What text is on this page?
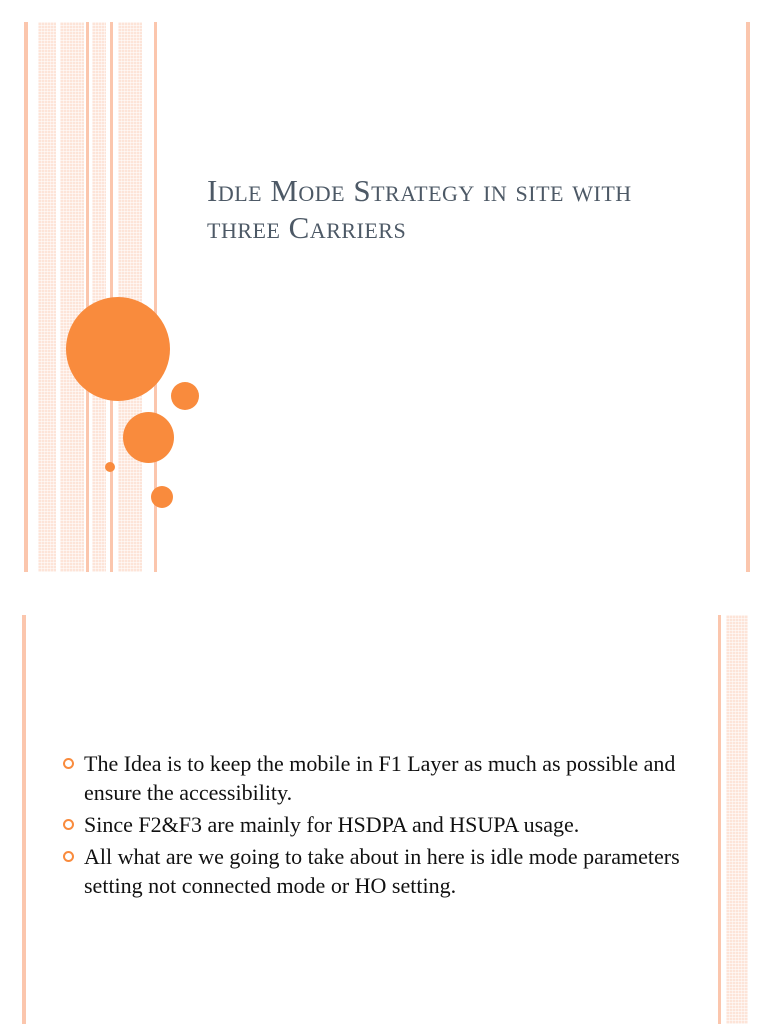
Idle Mode Strategy in site with three Carriers
The Idea is to keep the mobile in F1 Layer as much as possible and ensure the accessibility.
Since F2&F3 are mainly for HSDPA and HSUPA usage.
All what are we going to take about in here is idle mode parameters setting not connected mode or HO setting.
